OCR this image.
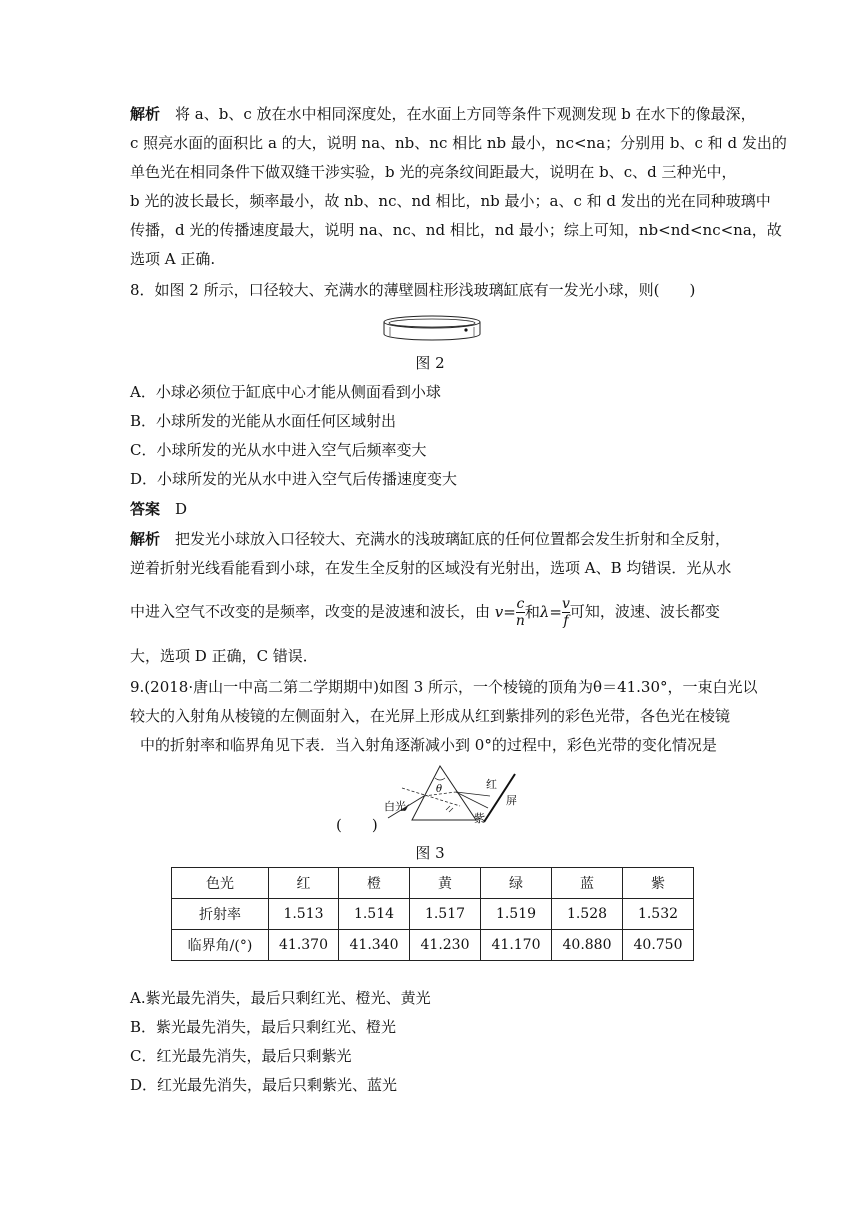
解析　 将 a、b、c 放在水中相同深度处，在水面上方同等条件下观测发现 b 在水下的像最深，
c 照亮水面的面积比 a 的大，说明 na、nb、nc 相比 nb 最小，nc<na；分别用 b、c 和 d 发出的
单色光在相同条件下做双缝干涉实验，b 光的亮条纹间距最大，说明在 b、c、d 三种光中，
b 光的波长最长，频率最小，故 nb、nc、nd 相比，nb 最小；a、c 和 d 发出的光在同种玻璃中
传播，d 光的传播速度最大，说明 na、nc、nd 相比，nd 最小；综上可知，nb<nd<nc<na，故
选项 A 正确.
8．如图 2 所示，口径较大、充满水的薄壁圆柱形浅玻璃缸底有一发光小球，则(　　)
图 2
A．小球必须位于缸底中心才能从侧面看到小球
B．小球所发的光能从水面任何区域射出
C．小球所发的光从水中进入空气后频率变大
D．小球所发的光从水中进入空气后传播速度变大
答案　 D
解析　 把发光小球放入口径较大、充满水的浅玻璃缸底的任何位置都会发生折射和全反射，
逆着折射光线看能看到小球，在发生全反射的区域没有光射出，选项 A、B 均错误．光从水
中进入空气不改变的是频率，改变的是波速和波长，由 $v= \frac{c}{n}$ 和$\lambda= \frac{v}{f}$ 可知，波速、波长都变
大，选项 D 正确，C 错误．
9.(2018·唐山一中高二第二学期期中)如图 3 所示，一个棱镜的顶角为θ＝41.30°，一束白光以
较大的入射角从棱镜的左侧面射入，在光屏上形成从红到紫排列的彩色光带，各色光在棱镜
中的折射率和临界角见下表．当入射角逐渐减小到 0°的过程中，彩色光带的变化情况是
(　　)
θ
白光
红
紫
屏
图 3
色光	红	橙	黄	绿	蓝	紫
折射率	1.513	1.514	1.517	1.519	1.528	1.532
临界角/(°)	41.370	41.340	41.230	41.170	40.880	40.750
A.紫光最先消失，最后只剩红光、橙光、黄光
B．紫光最先消失，最后只剩红光、橙光
C．红光最先消失，最后只剩紫光
D．红光最先消失，最后只剩紫光、蓝光
